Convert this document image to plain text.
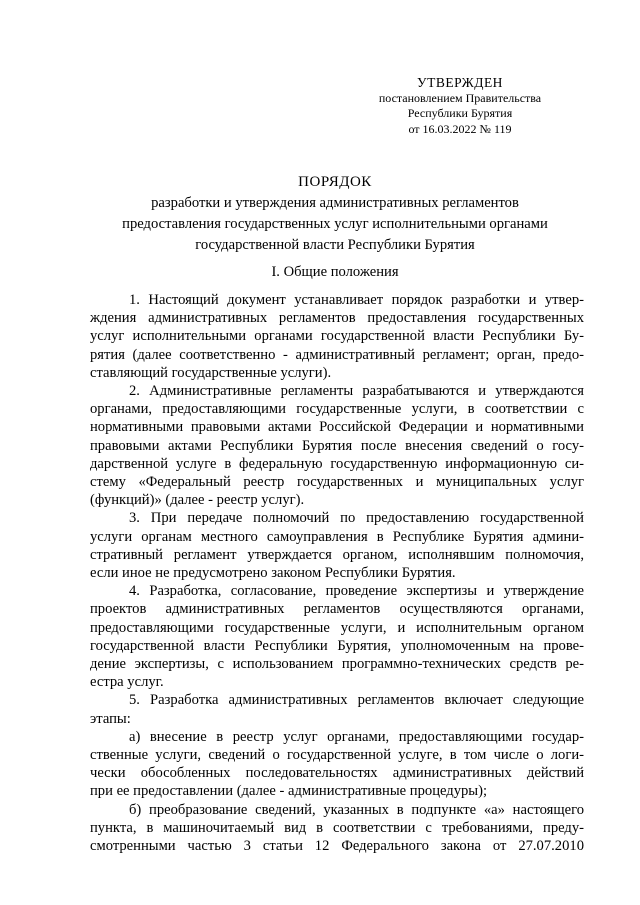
УТВЕРЖДЕН
постановлением Правительства
Республики Бурятия
от 16.03.2022 № 119
ПОРЯДОК
разработки и утверждения административных регламентов
предоставления государственных услуг исполнительными органами
государственной власти Республики Бурятия
I. Общие положения
1. Настоящий документ устанавливает порядок разработки и утвер-
ждения административных регламентов предоставления государственных
услуг исполнительными органами государственной власти Республики Бу-
рятия (далее соответственно - административный регламент; орган, предо-
ставляющий государственные услуги).
2. Административные регламенты разрабатываются и утверждаются
органами, предоставляющими государственные услуги, в соответствии с
нормативными правовыми актами Российской Федерации и нормативными
правовыми актами Республики Бурятия после внесения сведений о госу-
дарственной услуге в федеральную государственную информационную си-
стему «Федеральный реестр государственных и муниципальных услуг
(функций)» (далее - реестр услуг).
3. При передаче полномочий по предоставлению государственной
услуги органам местного самоуправления в Республике Бурятия админи-
стративный регламент утверждается органом, исполнявшим полномочия,
если иное не предусмотрено законом Республики Бурятия.
4. Разработка, согласование, проведение экспертизы и утверждение
проектов административных регламентов осуществляются органами,
предоставляющими государственные услуги, и исполнительным органом
государственной власти Республики Бурятия, уполномоченным на прове-
дение экспертизы, с использованием программно-технических средств ре-
естра услуг.
5. Разработка административных регламентов включает следующие
этапы:
а) внесение в реестр услуг органами, предоставляющими государ-
ственные услуги, сведений о государственной услуге, в том числе о логи-
чески обособленных последовательностях административных действий
при ее предоставлении (далее - административные процедуры);
б) преобразование сведений, указанных в подпункте «а» настоящего
пункта, в машиночитаемый вид в соответствии с требованиями, преду-
смотренными частью 3 статьи 12 Федерального закона от 27.07.2010
